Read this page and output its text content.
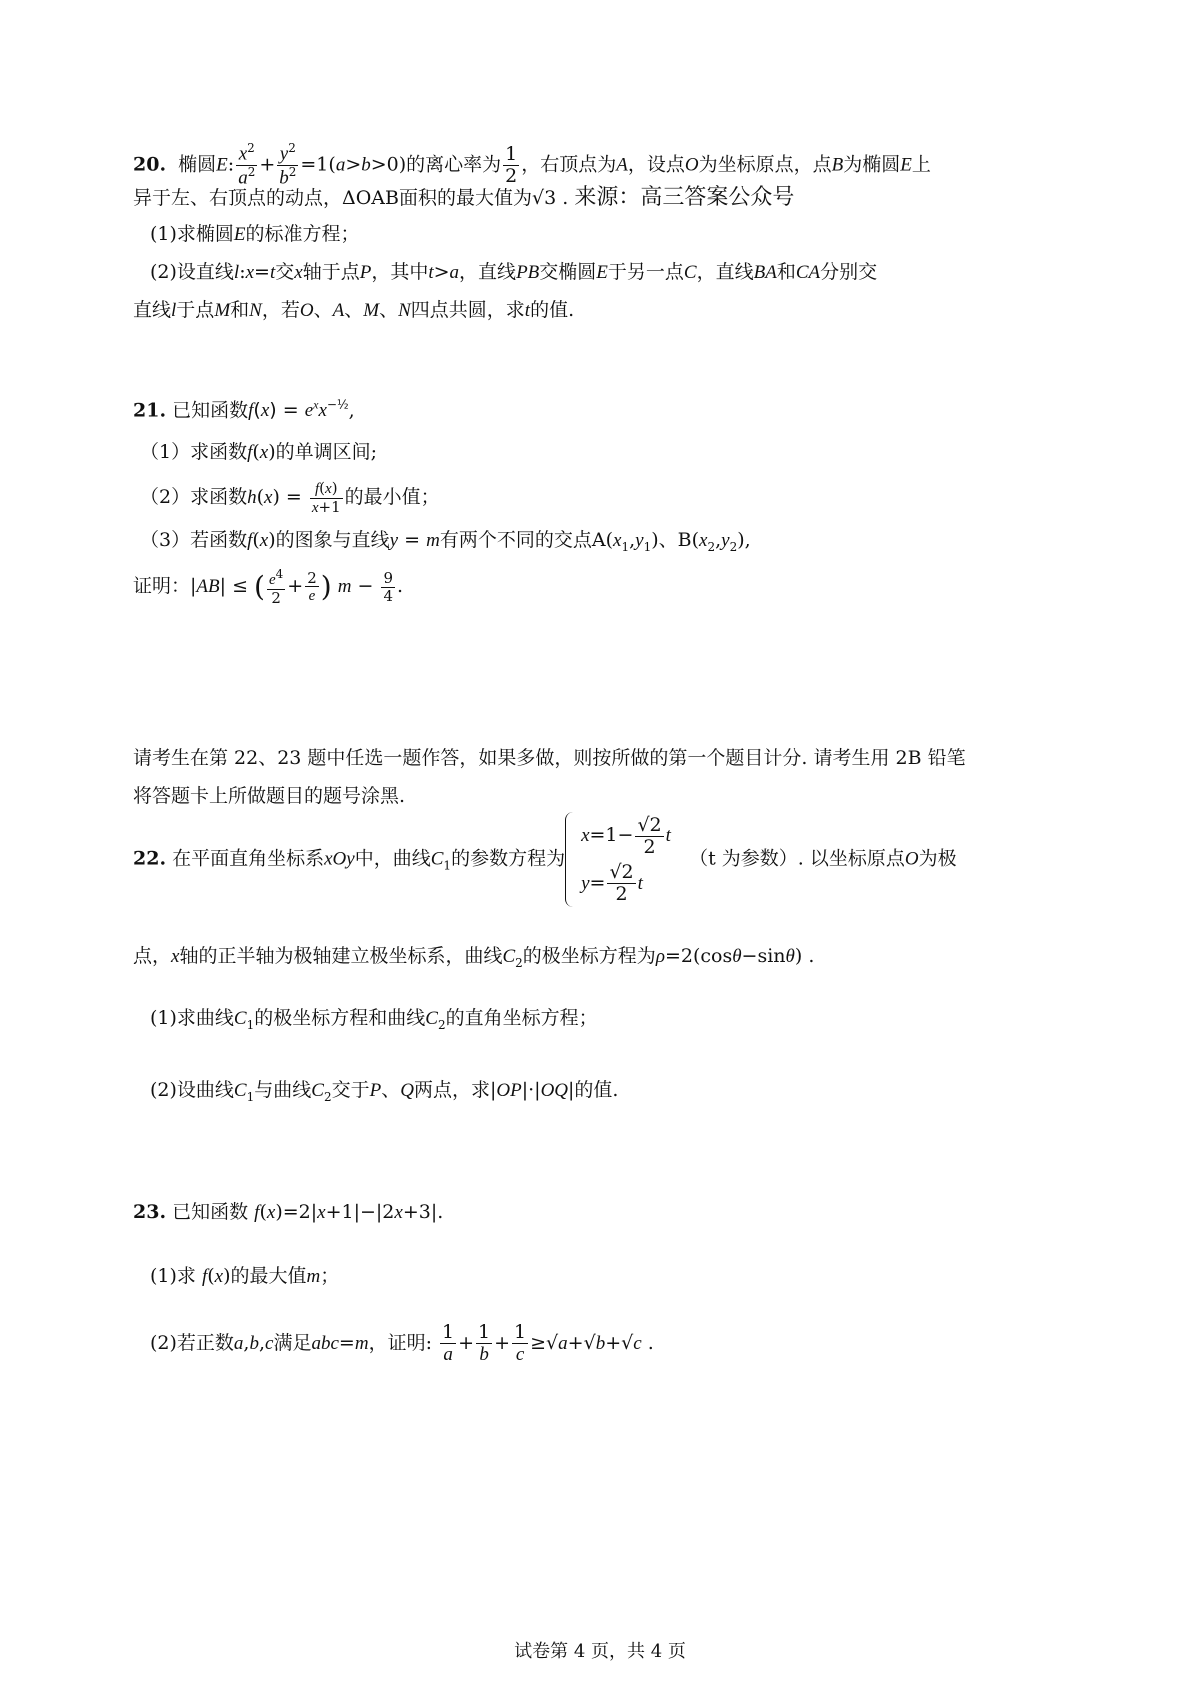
20. 椭圆E: $\frac{x^2}{a^2} + \frac{y^2}{b^2} =1(a>b>0)$的离心率为 $\frac{1}{2}$ ，右顶点为A，设点O为坐标原点，点B为椭圆E上
异于左、右顶点的动点，ΔOAB面积的最大值为√3 . 来源：高三答案公众号
(1)求椭圆E的标准方程；
(2)设直线l:x=t交x轴于点P，其中t>a，直线PB交椭圆E于另一点C，直线BA和CA分别交
直线l于点M和N，若O、A、M、N四点共圆，求t的值.
21. 已知函数$f(x) = e^xx^{-\frac{1}{2}}$,
（1）求函数f(x)的单调区间;
（2）求函数$h(x) = \frac{f(x)}{x+1}$ 的最小值；
（3）若函数f(x)的图象与直线y = m有两个不同的交点$A(x_1,y_1)$、$B(x_2,y_2)$,
证明：|AB| ≤ ( $\frac{e^4}{2} + \frac{2}{e}$ ) $m - \frac{9}{4}$ .
请考生在第 22、23 题中任选一题作答，如果多做，则按所做的第一个题目计分. 请考生用 2B 铅笔
将答题卡上所做题目的题号涂黑.
22. 在平面直角坐标系xOy中，曲线$C_1$的参数方程为
$x=1- \frac{√2}{2}$ t
$y= \frac{√2}{2}$ t
（t 为参数）. 以坐标原点O为极
点，x轴的正半轴为极轴建立极坐标系，曲线$C_2$的极坐标方程为ρ=2(cosθ−sinθ) .
(1)求曲线$C_1$的极坐标方程和曲线$C_2$的直角坐标方程；
(2)设曲线$C_1$与曲线$C_2$交于P、Q两点，求|OP|·|OQ|的值.
23. 已知函数 f(x)=2|x+1|−|2x+3|.
(1)求 f(x)的最大值m；
(2)若正数a,b,c满足abc=m，证明: $\frac{1}{a} + \frac{1}{b} + \frac{1}{c} \ge√a+√b+√c$ .
试卷第 4 页，共 4 页
